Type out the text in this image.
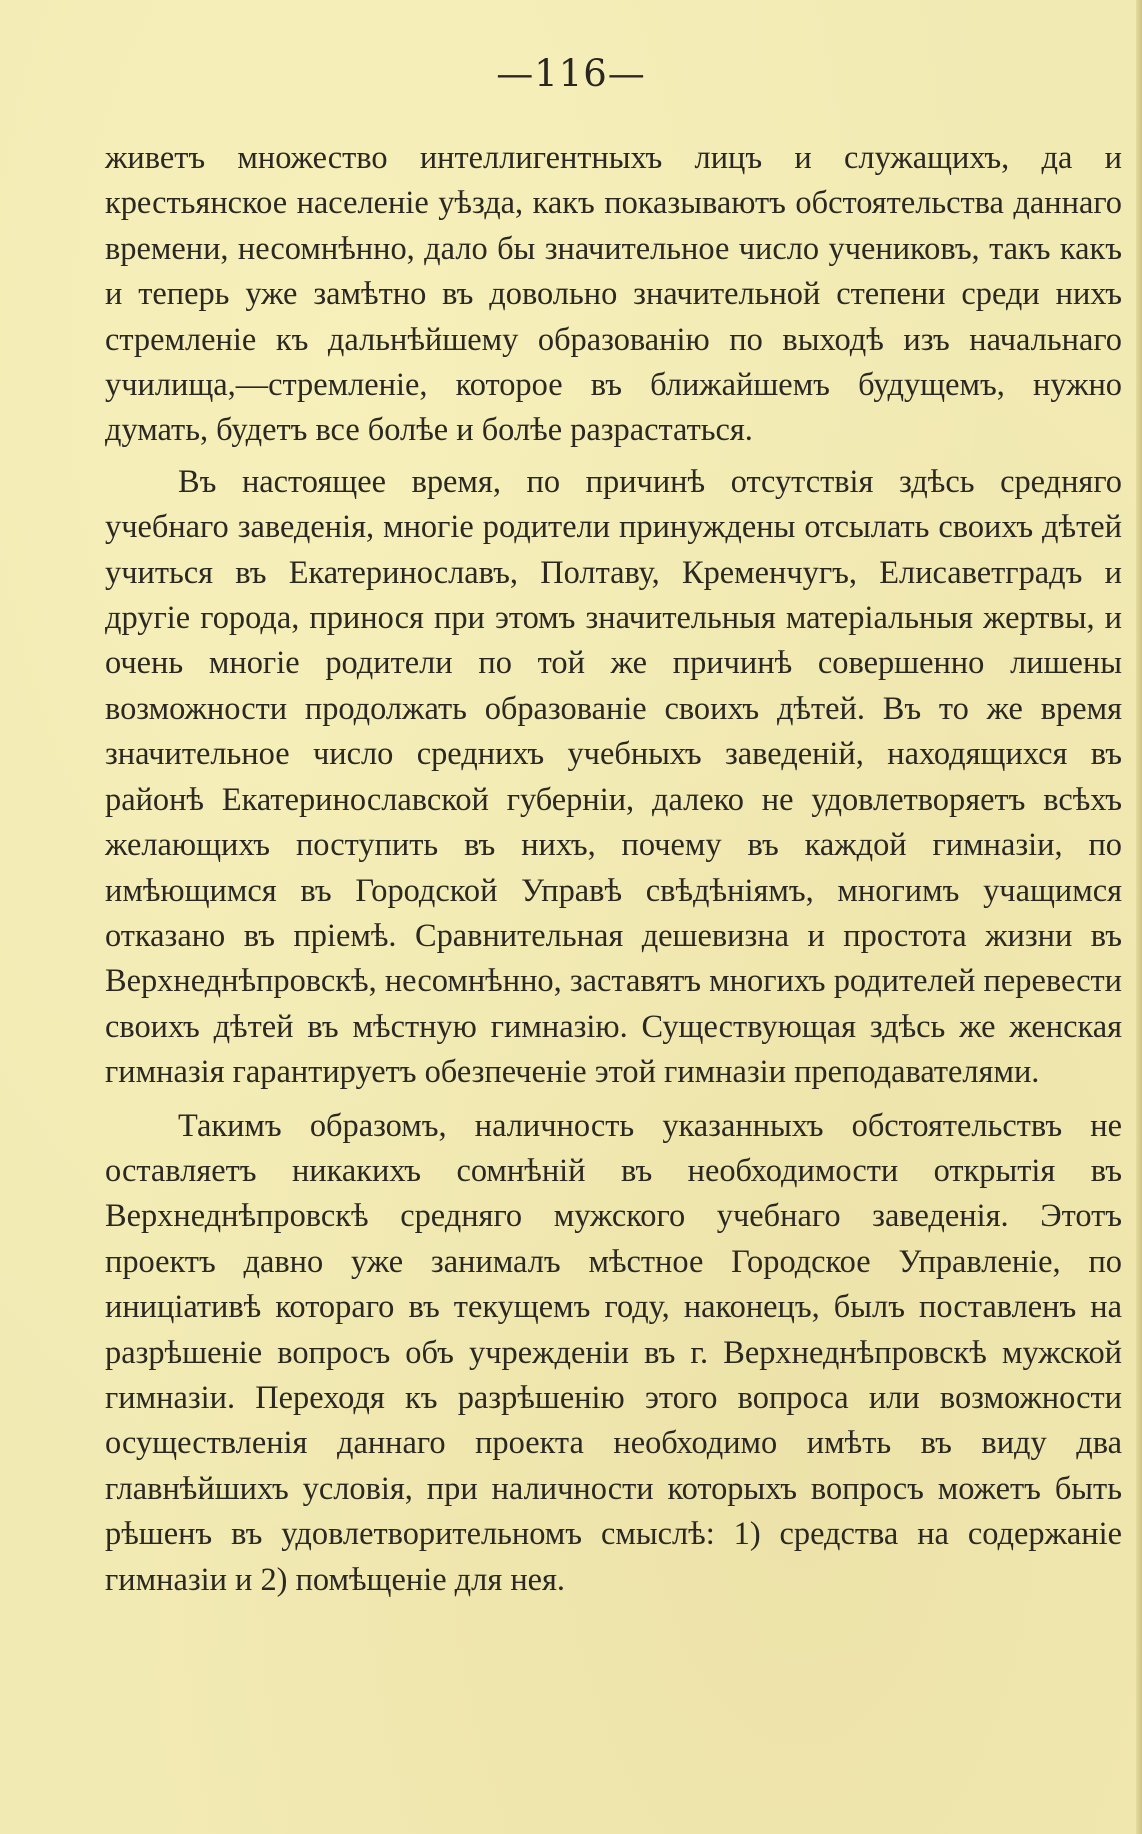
—116—

живетъ множество интеллигентныхъ лицъ и служащихъ, да и крестьянское населеніе уѣзда, какъ показываютъ обстоятельства даннаго времени, несомнѣнно, дало бы значительное число учениковъ, такъ какъ и теперь уже замѣтно въ довольно значительной степени среди нихъ стремленіе къ дальнѣйшему образованію по выходѣ изъ начальнаго училища,—стремленіе, которое въ ближайшемъ будущемъ, нужно думать, будетъ все болѣе и болѣе разрастаться.

Въ настоящее время, по причинѣ отсутствія здѣсь средняго учебнаго заведенія, многіе родители принуждены отсылать своихъ дѣтей учиться въ Екатеринославъ, Полтаву, Кременчугъ, Елисаветградъ и другіе города, принося при этомъ значительныя матеріальныя жертвы, и очень многіе родители по той же причинѣ совершенно лишены возможности продолжать образованіе своихъ дѣтей. Въ то же время значительное число среднихъ учебныхъ заведеній, находящихся въ районѣ Екатеринославской губерніи, далеко не удовлетворяетъ всѣхъ желающихъ поступить въ нихъ, почему въ каждой гимназіи, по имѣющимся въ Городской Управѣ свѣдѣніямъ, многимъ учащимся отказано въ пріемѣ. Сравнительная дешевизна и простота жизни въ Верхнеднѣпровскѣ, несомнѣнно, заставятъ многихъ родителей перевести своихъ дѣтей въ мѣстную гимназію. Существующая здѣсь же женская гимназія гарантируетъ обезпеченіе этой гимназіи преподавателями.

Такимъ образомъ, наличность указанныхъ обстоятельствъ не оставляетъ никакихъ сомнѣній въ необходимости открытія въ Верхнеднѣпровскѣ средняго мужского учебнаго заведенія. Этотъ проектъ давно уже занималъ мѣстное Городское Управленіе, по иниціативѣ котораго въ текущемъ году, наконецъ, былъ поставленъ на разрѣшеніе вопросъ объ учрежденіи въ г. Верхнеднѣпровскѣ мужской гимназіи. Переходя къ разрѣшенію этого вопроса или возможности осуществленія даннаго проекта необходимо имѣть въ виду два главнѣйшихъ условія, при наличности которыхъ вопросъ можетъ быть рѣшенъ въ удовлетворительномъ смыслѣ: 1) средства на содержаніе гимназіи и 2) помѣщеніе для нея.
